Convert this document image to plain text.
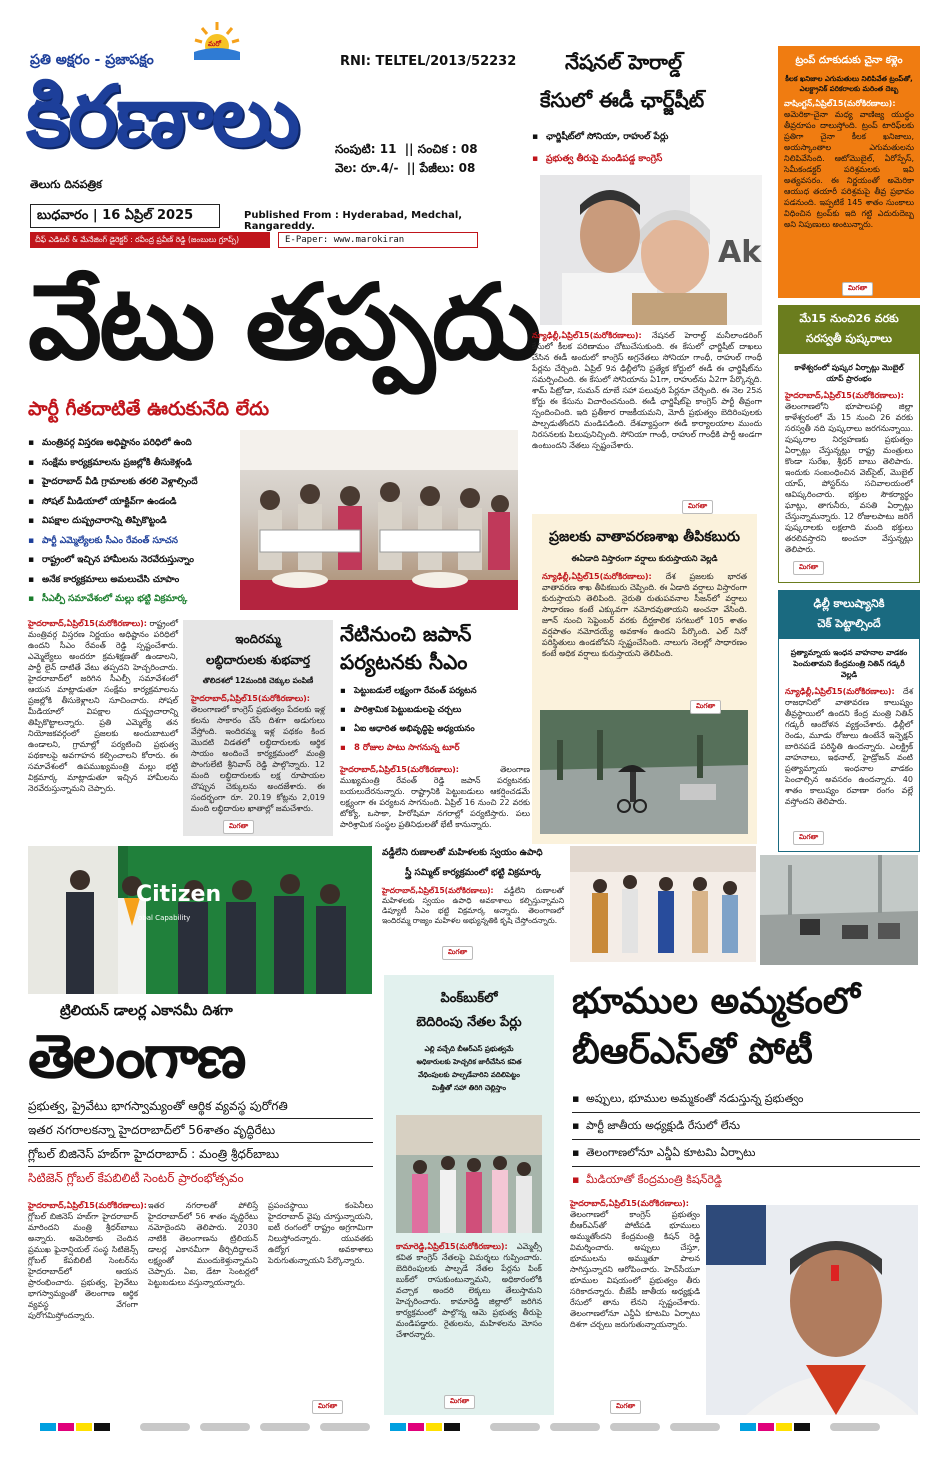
ప్రతి అక్షరం - ప్రజాపక్షం
మరో
కిరణాలు
తెలుగు దినపత్రిక
RNI: TELTEL/2013/52232
సంపుటి: 11  || సంచిక : 08
వెల: రూ.4/-  || పేజీలు: 08
బుధవారం | 16 ఏప్రిల్ 2025	Published From : Hyderabad, Medchal, Rangareddy.
చీఫ్ ఎడిటర్ & మేనేజింగ్ డైరెక్టర్ : రవీంద్ర ప్రవీణ్ రెడ్డి (జంబులు గ్రూప్స్)	E-Paper: www.marokiran
వేటు తప్పదు
పార్టీ గీతదాటితే ఊరుకునేది లేదు
▪ మంత్రివర్గ విస్తరణ అధిష్టానం పరిధిలో ఉంది
▪ సంక్షేమ కార్యక్రమాలను ప్రజల్లోకి తీసుకెళ్లండి
▪ హైదరాబాద్ వీడి గ్రామాలకు తరలి వెళ్లాల్సిందే
▪ సోషల్ మీడియాలో యాక్టివ్‌గా ఉండండి
▪ విపక్షాల దుష్ప్రచారాన్ని తిప్పికొట్టండి
▪ పార్టీ ఎమ్మెల్యేలకు సీఎం రేవంత్ సూచన
▪ రాష్ట్రంలో ఇచ్చిన హామీలను నెరవేరుస్తున్నాం
▪ అనేక కార్యక్రమాలు అమలుచేసి చూపాం
▪ సీఎల్పీ సమావేశంలో మల్లు భట్టి విక్రమార్క
హైదరాబాద్,ఏప్రిల్15(మరోకిరణాలు): రాష్ట్రంలో మంత్రివర్గ విస్తరణ నిర్ణయం అధిష్టానం పరిధిలో ఉందని సీఎం రేవంత్ రెడ్డి స్పష్టంచేశారు. ఎమ్మెల్యేలు అందరూ క్రమశిక్షణతో ఉండాలని, పార్టీ లైన్ దాటితే వేటు తప్పదని హెచ్చరించారు. హైదరాబాద్‌లో జరిగిన సీఎల్పీ సమావేశంలో ఆయన మాట్లాడుతూ సంక్షేమ కార్యక్రమాలను ప్రజల్లోకి తీసుకెళ్లాలని సూచించారు. సోషల్ మీడియాలో విపక్షాల దుష్ప్రచారాన్ని తిప్పికొట్టాలన్నారు. ప్రతి ఎమ్మెల్యే తన నియోజకవర్గంలో ప్రజలకు అందుబాటులో ఉండాలని, గ్రామాల్లో పర్యటించి ప్రభుత్వ పథకాలపై అవగాహన కల్పించాలని కోరారు. ఈ సమావేశంలో ఉపముఖ్యమంత్రి మల్లు భట్టి విక్రమార్క మాట్లాడుతూ ఇచ్చిన హామీలను నెరవేరుస్తున్నామని చెప్పారు.
ఇందిరమ్మ
లబ్ధిదారులకు శుభవార్త
తొలిదశలో 12మందికి చెక్కుల పంపిణీ
హైదరాబాద్,ఏప్రిల్15(మరోకిరణాలు): తెలంగాణలో కాంగ్రెస్ ప్రభుత్వం పేదలకు ఇళ్ల కలను సాకారం చేసే దిశగా అడుగులు వేస్తోంది. ఇందిరమ్మ ఇళ్ల పథకం కింద మొదటి విడతలో లబ్ధిదారులకు ఆర్థిక సాయం అందించే కార్యక్రమంలో మంత్రి పొంగులేటి శ్రీనివాస్ రెడ్డి పాల్గొన్నారు. 12 మంది లబ్ధిదారులకు లక్ష రూపాయల చొప్పున చెక్కులను అందజేశారు. ఈ సందర్భంగా రూ. 20.19 కోట్లను 2,019 మంది లబ్ధిదారుల ఖాతాల్లో జమచేశారు.
మిగతా
నేటినుంచి జపాన్
పర్యటనకు సీఎం
▪ పెట్టుబడులే లక్ష్యంగా రేవంత్ పర్యటన
▪ పారిశ్రామిక పెట్టుబడులపై చర్చలు
▪ ఏఐ ఆధారిత అభివృద్ధిపై అధ్యయనం
▪ 8 రోజుల పాటు సాగనున్న టూర్
హైదరాబాద్,ఏప్రిల్15(మరోకిరణాలు):	తెలంగాణ ముఖ్యమంత్రి రేవంత్ రెడ్డి జపాన్ పర్యటనకు బయలుదేరనున్నారు. రాష్ట్రానికి పెట్టుబడులు ఆకర్షించడమే లక్ష్యంగా ఈ పర్యటన సాగనుంది. ఏప్రిల్ 16 నుంచి 22 వరకు టోక్యో, ఒసాకా, హిరోషిమా నగరాల్లో పర్యటిస్తారు. పలు పారిశ్రామిక సంస్థల ప్రతినిధులతో భేటీ కానున్నారు.
నేషనల్ హెరాల్డ్
కేసులో ఈడీ ఛార్జ్‌షీట్
▪ ఛార్జిషీట్‌లో సోనియా, రాహుల్ పేర్లు
▪ ప్రభుత్వ తీరుపై మండిపడ్డ కాంగ్రెస్
Ak
న్యూఢిల్లీ,ఏప్రిల్15(మరోకిరణాలు): నేషనల్ హెరాల్డ్ మనీలాండరింగ్ కేసులో కీలక పరిణామం చోటుచేసుకుంది. ఈ కేసులో ఛార్జిషీట్ దాఖలు చేసిన ఈడీ అందులో కాంగ్రెస్ అగ్రనేతలు సోనియా గాంధీ, రాహుల్ గాంధీ పేర్లను చేర్చింది. ఏప్రిల్ 9న ఢిల్లీలోని ప్రత్యేక కోర్టులో ఈడీ ఈ ఛార్జిషీట్‌ను సమర్పించింది. ఈ కేసులో సోనియాను ఏ1గా, రాహుల్‌ను ఏ2గా పేర్కొన్నది. శామ్ పిట్రోడా, సుమన్ దూబే సహా పలువురి పేర్లనూ చేర్చింది. ఈ నెల 25న కోర్టు ఈ కేసును విచారించనుంది. ఈడీ ఛార్జిషీట్‌పై కాంగ్రెస్ పార్టీ తీవ్రంగా స్పందించింది. ఇది ప్రతీకార రాజకీయమని, మోదీ ప్రభుత్వం బెదిరింపులకు పాల్పడుతోందని మండిపడింది. దేశవ్యాప్తంగా ఈడీ కార్యాలయాల ముందు నిరసనలకు పిలుపునిచ్చింది. సోనియా గాంధీ, రాహుల్ గాంధీకి పార్టీ అండగా ఉంటుందని నేతలు స్పష్టంచేశారు.
మిగతా
ప్రజలకు వాతావరణశాఖ తీపికబురు
ఈఏడాది విస్తారంగా వర్షాలు కురుస్తాయని వెల్లడి
న్యూఢిల్లీ,ఏప్రిల్15(మరోకిరణాలు): దేశ ప్రజలకు భారత వాతావరణ శాఖ తీపికబురు చెప్పింది. ఈ ఏడాది వర్షాలు విస్తారంగా కురుస్తాయని తెలిపింది. నైరుతి రుతుపవనాల సీజన్‌లో వర్షాలు సాధారణం కంటే ఎక్కువగా నమోదవుతాయని అంచనా వేసింది. జూన్ నుంచి సెప్టెంబర్ వరకు దీర్ఘకాలిక సగటులో 105 శాతం వర్షపాతం నమోదయ్యే అవకాశం ఉందని పేర్కొంది. ఎల్ నినో పరిస్థితులు ఉండబోవని స్పష్టంచేసింది. నాలుగు నెలల్లో సాధారణం కంటే అధిక వర్షాలు కురుస్తాయని తెలిపింది.
మిగతా
ట్రంప్ దూకుడుకు చైనా కళ్లెం
కీలక ఖనిజాల ఎగుమతులు నిలిపివేత ట్రంప్‌తో, ఎలక్ట్రానిక్ పరికరాలకు మరింత దెబ్బ
వాషింగ్టన్,ఏప్రిల్15(మరోకిరణాలు): అమెరికా-చైనా మధ్య వాణిజ్య యుద్ధం తీవ్రరూపం దాలుస్తోంది. ట్రంప్ టారిఫ్‌లకు ప్రతిగా చైనా కీలక ఖనిజాలు, అయస్కాంతాల ఎగుమతులను నిలిపివేసింది. ఆటోమొబైల్, ఏరోస్పేస్, సెమీకండక్టర్ పరిశ్రమలకు ఇవి అత్యవసరం. ఈ నిర్ణయంతో అమెరికా ఆయుధ తయారీ పరిశ్రమపై తీవ్ర ప్రభావం పడనుంది. ఇప్పటికే 145 శాతం సుంకాలు విధించిన ట్రంప్‌కు ఇది గట్టి ఎదురుదెబ్బ అని నిపుణులు అంటున్నారు.
మిగతా
మే15 నుంచి26 వరకు
సరస్వతీ పుష్కరాలు
కాళేశ్వరంలో పుష్కర ఏర్పాట్లు మొబైల్ యాప్ ప్రారంభం
హైదరాబాద్,ఏప్రిల్15(మరోకిరణాలు): తెలంగాణలోని భూపాలపల్లి జిల్లా కాళేశ్వరంలో మే 15 నుంచి 26 వరకు సరస్వతీ నది పుష్కరాలు జరగనున్నాయి. పుష్కరాల నిర్వహణకు ప్రభుత్వం ఏర్పాట్లు చేస్తున్నట్లు రాష్ట్ర మంత్రులు కొండా సురేఖ, శ్రీధర్ బాబు తెలిపారు. ఇందుకు సంబంధించిన వెబ్‌సైట్, మొబైల్ యాప్, పోస్టర్‌ను సచివాలయంలో ఆవిష్కరించారు. భక్తుల సౌకర్యార్థం ఘాట్లు, తాగునీరు, వసతి ఏర్పాట్లు చేస్తున్నామన్నారు. 12 రోజులపాటు జరిగే పుష్కరాలకు లక్షలాది మంది భక్తులు తరలివస్తారని అంచనా వేస్తున్నట్లు తెలిపారు.
మిగతా
ఢిల్లీ కాలుష్యానికి
చెక్ పెట్టాల్సిందే
ప్రత్యామ్నాయ ఇంధన వాహనాల వాడకం పెంచుతామని కేంద్రమంత్రి నితిన్ గడ్కరీ వెల్లడి
న్యూఢిల్లీ,ఏప్రిల్15(మరోకిరణాలు): దేశ రాజధానిలో వాతావరణ కాలుష్యం తీవ్రస్థాయిలో ఉందని కేంద్ర మంత్రి నితిన్ గడ్కరీ ఆందోళన వ్యక్తంచేశారు. ఢిల్లీలో రెండు, మూడు రోజులు ఉంటేనే ఇన్ఫెక్షన్ బారినపడే పరిస్థితి ఉందన్నారు. ఎలక్ట్రిక్ వాహనాలు, ఇథనాల్, హైడ్రోజన్ వంటి ప్రత్యామ్నాయ ఇంధనాల వాడకం పెంచాల్సిన అవసరం ఉందన్నారు. 40 శాతం కాలుష్యం రవాణా రంగం వల్లే వస్తోందని తెలిపారు.
మిగతా
Citizen
obal Capability
వడ్డీలేని రుణాలతో మహిళలకు స్వయం ఉపాధి
స్త్రీ సమ్మిట్ కార్యక్రమంలో భట్టి విక్రమార్క
హైదరాబాద్,ఏప్రిల్15(మరోకిరణాలు): వడ్డీలేని రుణాలతో మహిళలకు స్వయం ఉపాధి అవకాశాలు కల్పిస్తున్నామని డిప్యూటీ సీఎం భట్టి విక్రమార్క అన్నారు. తెలంగాణలో ఇందిరమ్మ రాజ్యం మహిళల అభ్యున్నతికి కృషి చేస్తోందన్నారు.
మిగతా
ట్రిలియన్ డాలర్ల ఎకానమీ దిశగా
తెలంగాణ
ప్రభుత్వ, ప్రైవేటు భాగస్వామ్యంతో ఆర్థిక వ్యవస్థ పురోగతి
ఇతర నగరాలకన్నా హైదరాబాద్‌లో 56శాతం వృద్ధిరేటు
గ్లోబల్ బిజినెస్ హబ్‌గా హైదరాబాద్ : మంత్రి శ్రీధర్‌బాబు
సిటిజెన్ గ్లోబల్ కేపబిలిటీ సెంటర్ ప్రారంభోత్సవం
హైదరాబాద్,ఏప్రిల్15(మరోకిరణాలు): గ్లోబల్ బిజినెస్ హబ్‌గా హైదరాబాద్ మారిందని మంత్రి శ్రీధర్‌బాబు అన్నారు. అమెరికాకు చెందిన ప్రముఖ ఫైనాన్షియల్ సంస్థ సిటిజెన్స్ గ్లోబల్ కేపబిలిటీ సెంటర్‌ను హైదరాబాద్‌లో ఆయన ప్రారంభించారు. ప్రభుత్వ, ప్రైవేటు భాగస్వామ్యంతో తెలంగాణ ఆర్థిక వ్యవస్థ వేగంగా పురోగమిస్తోందన్నారు.
ఇతర నగరాలతో పోలిస్తే హైదరాబాద్‌లో 56 శాతం వృద్ధిరేటు నమోదైందని తెలిపారు. 2030 నాటికి తెలంగాణను ట్రిలియన్ డాలర్ల ఎకానమీగా తీర్చిదిద్దాలనే లక్ష్యంతో ముందుకెళ్తున్నామని చెప్పారు. ఏఐ, డేటా సెంటర్లలో పెట్టుబడులు వస్తున్నాయన్నారు.
ప్రపంచస్థాయి కంపెనీలు హైదరాబాద్ వైపు చూస్తున్నాయని, ఐటీ రంగంలో రాష్ట్రం అగ్రగామిగా నిలుస్తోందన్నారు. యువతకు ఉద్యోగ అవకాశాలు పెరుగుతున్నాయని పేర్కొన్నారు.
మిగతా
పింక్‌బుక్‌లో
బెదిరింపు నేతల పేర్లు
ఎల్లి వచ్చేది బీఆర్ఎస్ ప్రభుత్వమే
అధికారులకు హెచ్చరిక జారీచేసిన కవిత
వేధింపులకు పాల్పడేవారిని వదిలిపెట్టం
మిత్తీతో సహా తిరిగి చెల్లిస్తాం
కామారెడ్డి,ఏప్రిల్15(మరోకిరణాలు): ఎమ్మెల్సీ కవిత కాంగ్రెస్ నేతలపై విమర్శలు గుప్పించారు. బెదిరింపులకు పాల్పడే నేతల పేర్లను పింక్ బుక్‌లో రాసుకుంటున్నామని, అధికారంలోకి వచ్చాక అందరి లెక్కలు తేలుస్తామని హెచ్చరించారు. కామారెడ్డి జిల్లాలో జరిగిన కార్యక్రమంలో పాల్గొన్న ఆమె ప్రభుత్వ తీరుపై మండిపడ్డారు. రైతులను, మహిళలను మోసం చేశారన్నారు.
మిగతా
భూముల అమ్మకంలో
బీఆర్ఎస్‌తో పోటీ
▪ అప్పులు, భూముల అమ్మకంతో నడుస్తున్న ప్రభుత్వం
▪ పార్టీ జాతీయ అధ్యక్షుడి రేసులో లేను
▪ తెలంగాణలోనూ ఎన్డీఏ కూటమి ఏర్పాటు
▪ మీడియాతో కేంద్రమంత్రి కిషన్‌రెడ్డి
హైదరాబాద్,ఏప్రిల్15(మరోకిరణాలు): తెలంగాణలో కాంగ్రెస్ ప్రభుత్వం బీఆర్ఎస్‌తో పోటీపడి భూములు అమ్ముతోందని కేంద్రమంత్రి కిషన్ రెడ్డి విమర్శించారు. అప్పులు చేస్తూ, భూములను అమ్ముతూ పాలన సాగిస్తున్నారని ఆరోపించారు. హెచ్‌సీయూ భూముల విషయంలో ప్రభుత్వం తీరు సరికాదన్నారు. బీజేపీ జాతీయ అధ్యక్షుడి రేసులో తాను లేనని స్పష్టంచేశారు. తెలంగాణలోనూ ఎన్డీఏ కూటమి ఏర్పాటు దిశగా చర్చలు జరుగుతున్నాయన్నారు.
మిగతా
